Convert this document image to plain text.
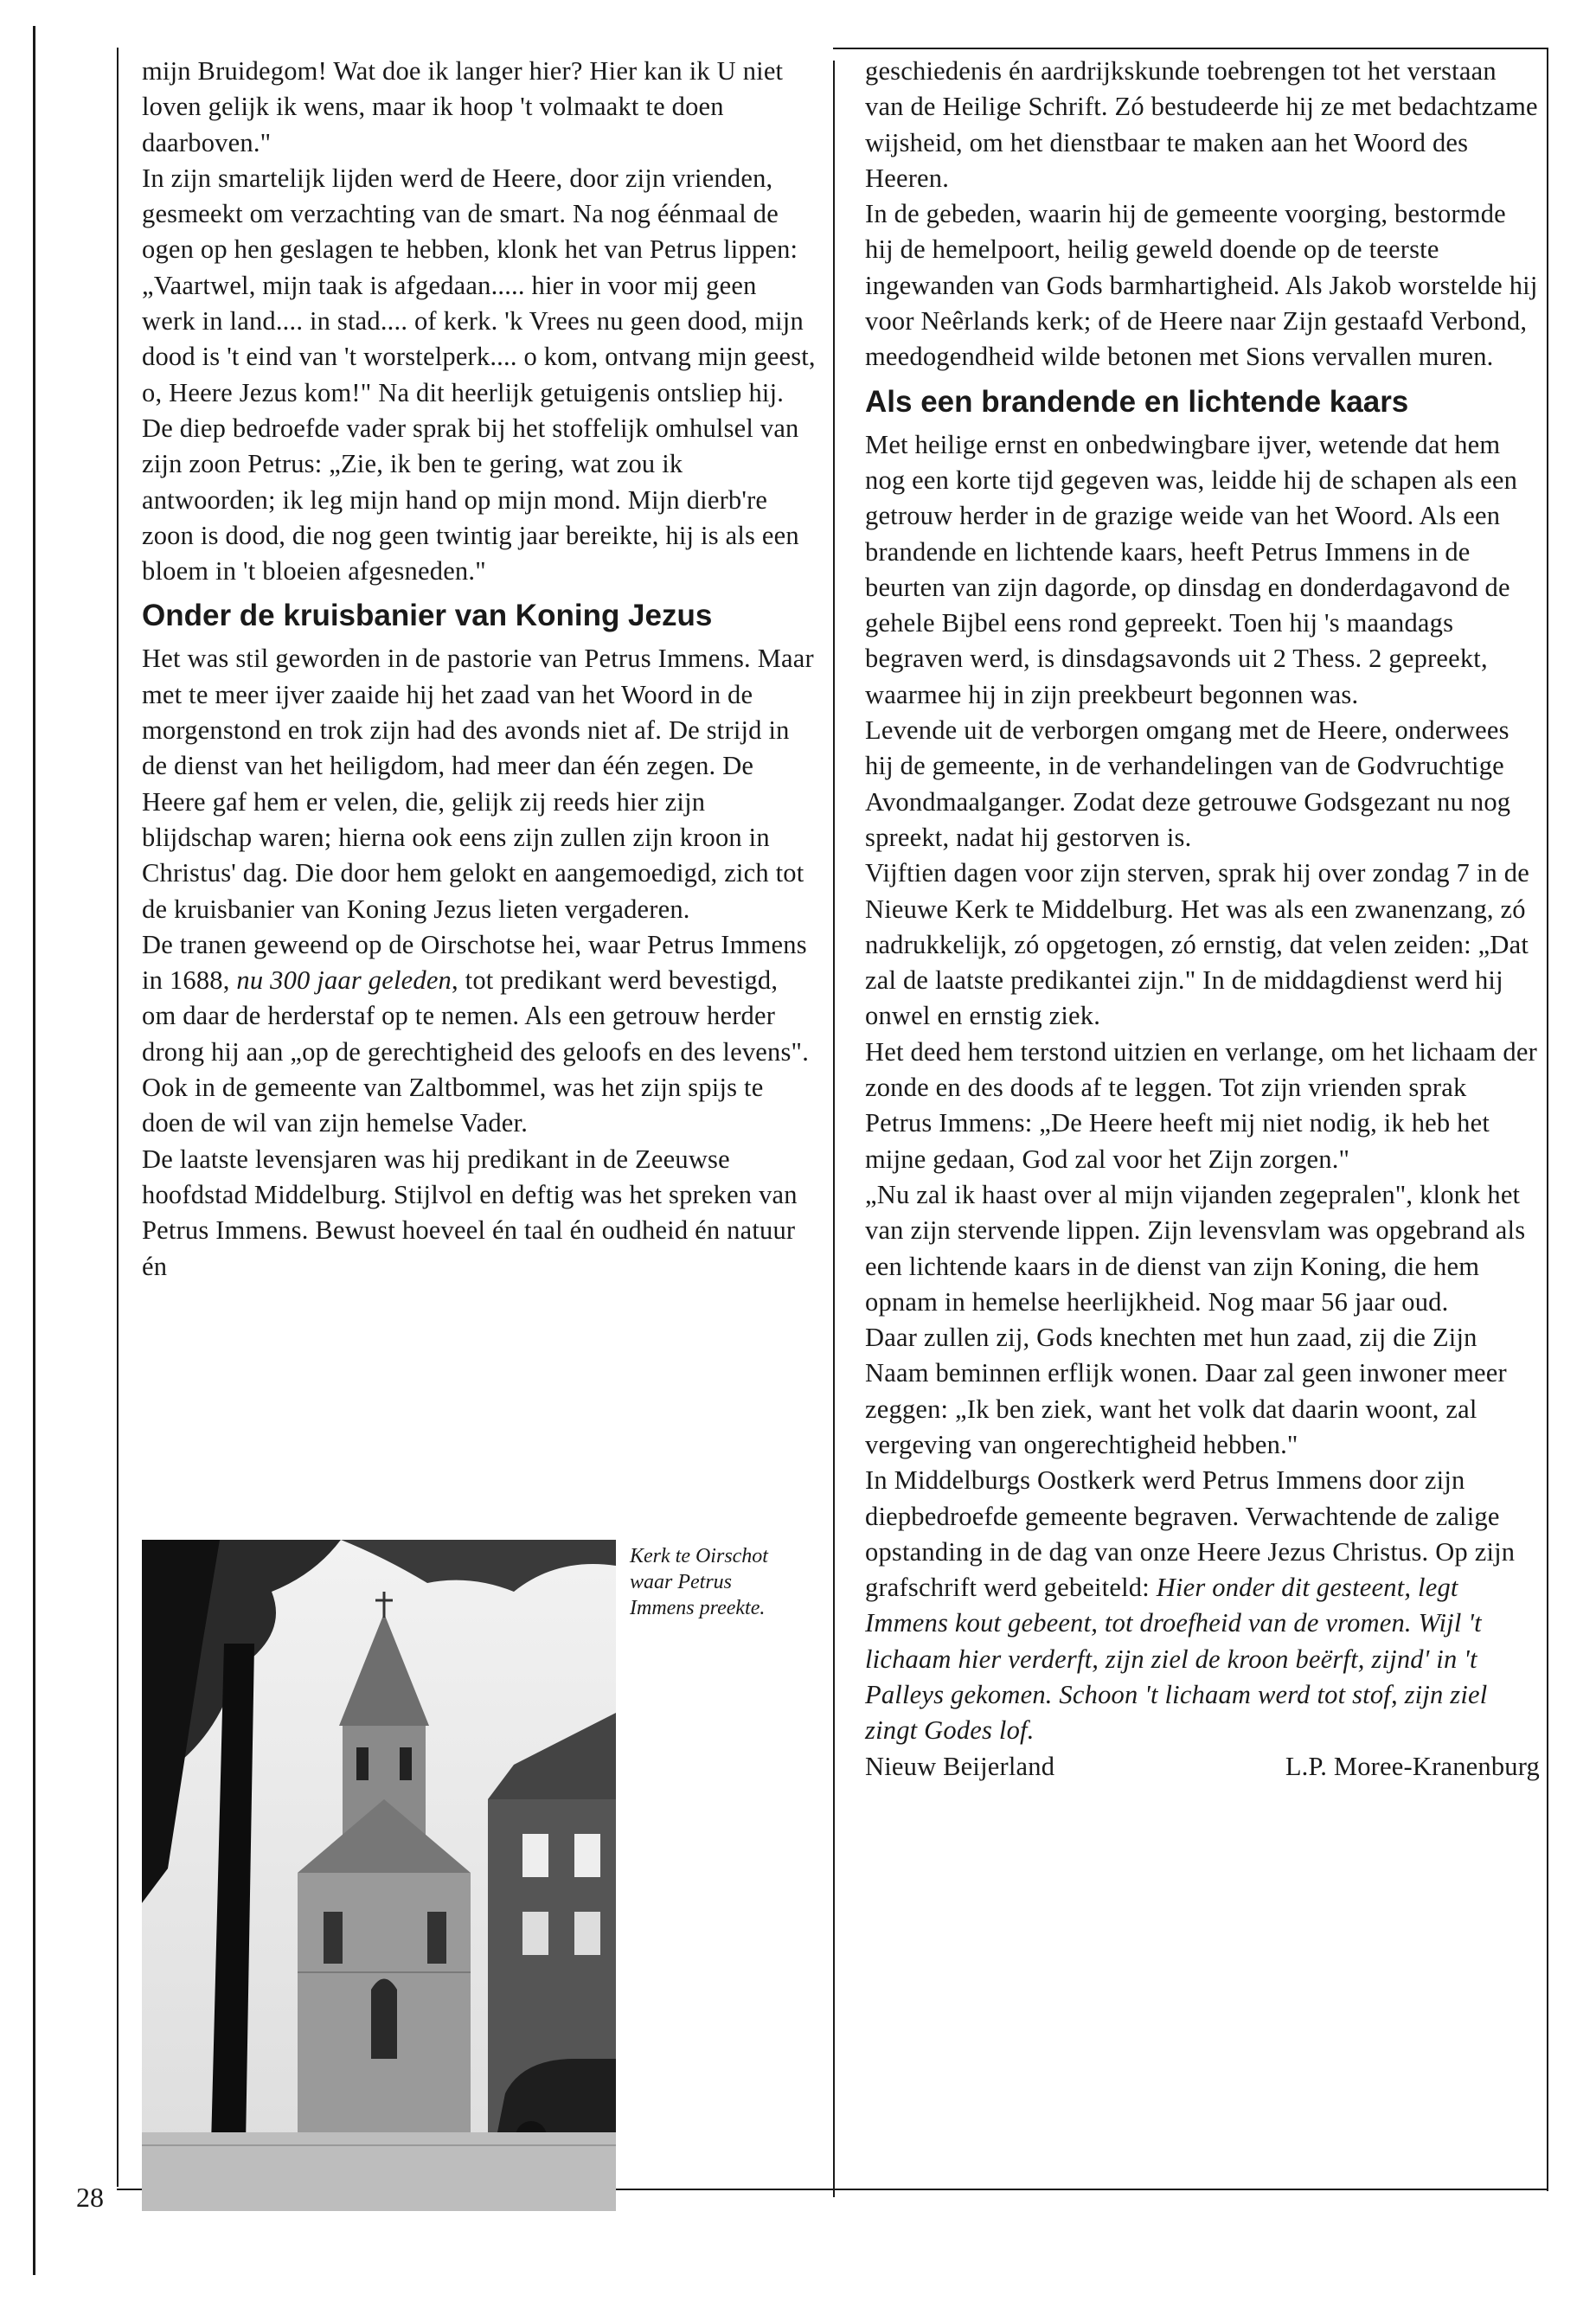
mijn Bruidegom! Wat doe ik langer hier? Hier kan ik U niet loven gelijk ik wens, maar ik hoop 't volmaakt te doen daarboven."

In zijn smartelijk lijden werd de Heere, door zijn vrienden, gesmeekt om verzachting van de smart. Na nog éénmaal de ogen op hen geslagen te hebben, klonk het van Petrus lippen: „Vaartwel, mijn taak is afgedaan..... hier in voor mij geen werk in land.... in stad.... of kerk. 'k Vrees nu geen dood, mijn dood is 't eind van 't worstelperk.... o kom, ontvang mijn geest, o, Heere Jezus kom!" Na dit heerlijk getuigenis ontsliep hij.

De diep bedroefde vader sprak bij het stoffelijk omhulsel van zijn zoon Petrus: „Zie, ik ben te gering, wat zou ik antwoorden; ik leg mijn hand op mijn mond. Mijn dierb're zoon is dood, die nog geen twintig jaar bereikte, hij is als een bloem in 't bloeien afgesneden."

Onder de kruisbanier van Koning Jezus

Het was stil geworden in de pastorie van Petrus Immens. Maar met te meer ijver zaaide hij het zaad van het Woord in de morgenstond en trok zijn had des avonds niet af. De strijd in de dienst van het heiligdom, had meer dan één zegen. De Heere gaf hem er velen, die, gelijk zij reeds hier zijn blijdschap waren; hierna ook eens zijn zullen zijn kroon in Christus' dag. Die door hem gelokt en aangemoedigd, zich tot de kruisbanier van Koning Jezus lieten vergaderen.

De tranen geweend op de Oirschotse hei, waar Petrus Immens in 1688, nu 300 jaar geleden, tot predikant werd bevestigd, om daar de herderstaf op te nemen. Als een getrouw herder drong hij aan „op de gerechtigheid des geloofs en des levens". Ook in de gemeente van Zaltbommel, was het zijn spijs te doen de wil van zijn hemelse Vader.

De laatste levensjaren was hij predikant in de Zeeuwse hoofdstad Middelburg. Stijlvol en deftig was het spreken van Petrus Immens. Bewust hoeveel én taal én oudheid én natuur én

Kerk te Oirschot waar Petrus Immens preekte.

geschiedenis én aardrijkskunde toebrengen tot het verstaan van de Heilige Schrift. Zó bestudeerde hij ze met bedachtzame wijsheid, om het dienstbaar te maken aan het Woord des Heeren.

In de gebeden, waarin hij de gemeente voorging, bestormde hij de hemelpoort, heilig geweld doende op de teerste ingewanden van Gods barmhartigheid. Als Jakob worstelde hij voor Neêrlands kerk; of de Heere naar Zijn gestaafd Verbond, meedogendheid wilde betonen met Sions vervallen muren.

Als een brandende en lichtende kaars

Met heilige ernst en onbedwingbare ijver, wetende dat hem nog een korte tijd gegeven was, leidde hij de schapen als een getrouw herder in de grazige weide van het Woord. Als een brandende en lichtende kaars, heeft Petrus Immens in de beurten van zijn dagorde, op dinsdag en donderdagavond de gehele Bijbel eens rond gepreekt. Toen hij 's maandags begraven werd, is dinsdagsavonds uit 2 Thess. 2 gepreekt, waarmee hij in zijn preekbeurt begonnen was.

Levende uit de verborgen omgang met de Heere, onderwees hij de gemeente, in de verhandelingen van de Godvruchtige Avondmaalganger. Zodat deze getrouwe Godsgezant nu nog spreekt, nadat hij gestorven is.

Vijftien dagen voor zijn sterven, sprak hij over zondag 7 in de Nieuwe Kerk te Middelburg. Het was als een zwanenzang, zó nadrukkelijk, zó opgetogen, zó ernstig, dat velen zeiden: „Dat zal de laatste predikantei zijn." In de middagdienst werd hij onwel en ernstig ziek.

Het deed hem terstond uitzien en verlange, om het lichaam der zonde en des doods af te leggen. Tot zijn vrienden sprak Petrus Immens: „De Heere heeft mij niet nodig, ik heb het mijne gedaan, God zal voor het Zijn zorgen."

„Nu zal ik haast over al mijn vijanden zegepralen", klonk het van zijn stervende lippen. Zijn levensvlam was opgebrand als een lichtende kaars in de dienst van zijn Koning, die hem opnam in hemelse heerlijkheid. Nog maar 56 jaar oud.

Daar zullen zij, Gods knechten met hun zaad, zij die Zijn Naam beminnen erflijk wonen. Daar zal geen inwoner meer zeggen: „Ik ben ziek, want het volk dat daarin woont, zal vergeving van ongerechtigheid hebben."

In Middelburgs Oostkerk werd Petrus Immens door zijn diepbedroefde gemeente begraven. Verwachtende de zalige opstanding in de dag van onze Heere Jezus Christus. Op zijn grafschrift werd gebeiteld: Hier onder dit gesteent, legt Immens kout gebeent, tot droefheid van de vromen. Wijl 't lichaam hier verderft, zijn ziel de kroon beërft, zijnd' in 't Palleys gekomen. Schoon 't lichaam werd tot stof, zijn ziel zingt Godes lof.

Nieuw Beijerland	L.P. Moree-Kranenburg
28
